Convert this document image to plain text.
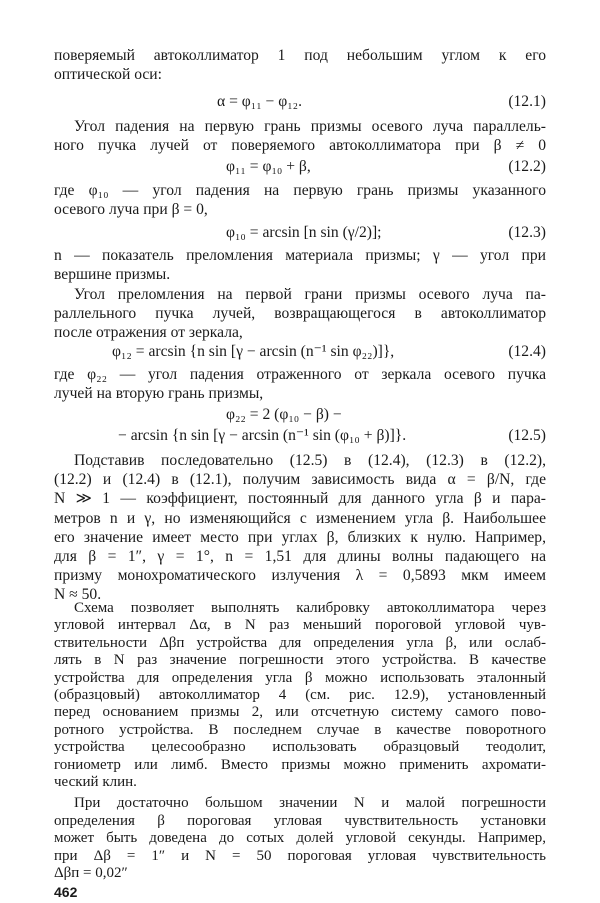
поверяемый автоколлиматор 1 под небольшим углом к его
оптической оси:
α = φ₁₁ − φ₁₂.	(12.1)
Угол падения на первую грань призмы осевого луча параллель-
ного пучка лучей от поверяемого автоколлиматора при β ≠ 0
φ₁₁ = φ₁₀ + β,	(12.2)
где φ₁₀ — угол падения на первую грань призмы указанного
осевого луча при β = 0,
φ₁₀ = arcsin [n sin (γ/2)];	(12.3)
n — показатель преломления материала призмы; γ — угол при
вершине призмы.
Угол преломления на первой грани призмы осевого луча па-
раллельного пучка лучей, возвращающегося в автоколлиматор
после отражения от зеркала,
φ₁₂ = arcsin {n sin [γ − arcsin (n⁻¹ sin φ₂₂)]},	(12.4)
где φ₂₂ — угол падения отраженного от зеркала осевого пучка
лучей на вторую грань призмы,
φ₂₂ = 2 (φ₁₀ − β) −
− arcsin {n sin [γ − arcsin (n⁻¹ sin (φ₁₀ + β)]}.	(12.5)
Подставив последовательно (12.5) в (12.4), (12.3) в (12.2),
(12.2) и (12.4) в (12.1), получим зависимость вида α = β/N, где
N ≫ 1 — коэффициент, постоянный для данного угла β и пара-
метров n и γ, но изменяющийся с изменением угла β. Наибольшее
его значение имеет место при углах β, близких к нулю. Например,
для β = 1″, γ = 1°, n = 1,51 для длины волны падающего на
призму монохроматического излучения λ = 0,5893 мкм имеем
N ≈ 50.
Схема позволяет выполнять калибровку автоколлиматора через
угловой интервал Δα, в N раз меньший пороговой угловой чув-
ствительности Δβп устройства для определения угла β, или ослаб-
лять в N раз значение погрешности этого устройства. В качестве
устройства для определения угла β можно использовать эталонный
(образцовый) автоколлиматор 4 (см. рис. 12.9), установленный
перед основанием призмы 2, или отсчетную систему самого пово-
ротного устройства. В последнем случае в качестве поворотного
устройства целесообразно использовать образцовый теодолит,
гониометр или лимб. Вместо призмы можно применить ахромати-
ческий клин.
При достаточно большом значении N и малой погрешности
определения β пороговая угловая чувствительность установки
может быть доведена до сотых долей угловой секунды. Например,
462
при Δβ = 1″ и N = 50 пороговая угловая чувствительность
Δβп = 0,02″
